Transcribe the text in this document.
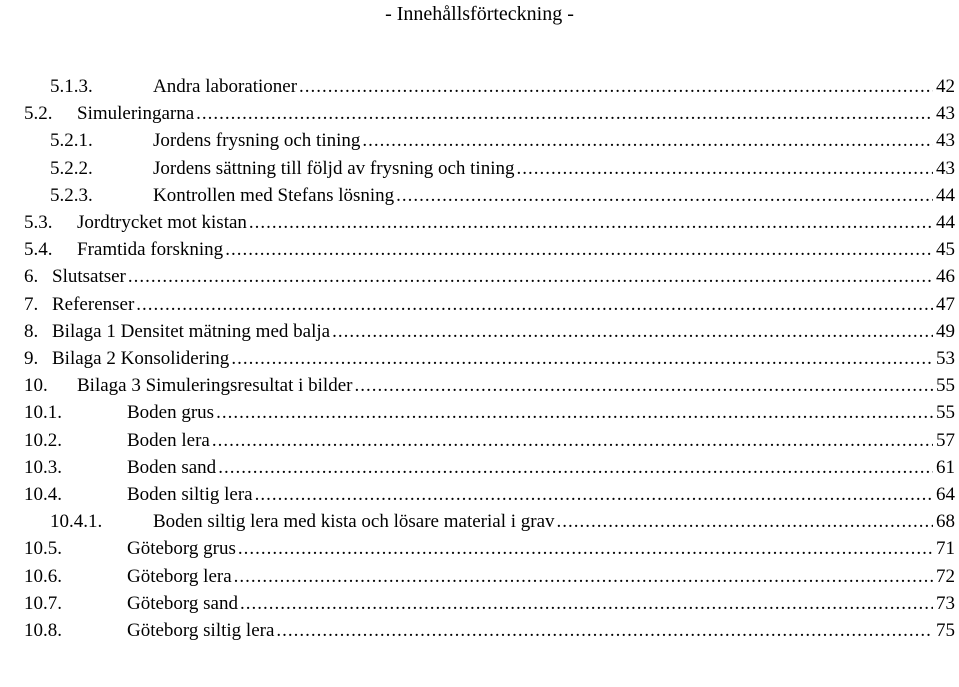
- Innehållsförteckning -
5.1.3.	Andra laborationer .....	42
5.2. Simuleringarna .....	43
5.2.1.	Jordens frysning och tining .....	43
5.2.2.	Jordens sättning till följd av frysning och tining .....	43
5.2.3.	Kontrollen med Stefans lösning .....	44
5.3. Jordtrycket mot kistan .....	44
5.4. Framtida forskning .....	45
6. Slutsatser .....	46
7. Referenser .....	47
8. Bilaga 1 Densitet mätning med balja .....	49
9. Bilaga 2 Konsolidering .....	53
10. Bilaga 3 Simuleringsresultat i bilder .....	55
10.1.	Boden grus .....	55
10.2.	Boden lera .....	57
10.3.	Boden sand .....	61
10.4.	Boden siltig lera .....	64
10.4.1.	Boden siltig lera med kista och lösare material i grav .....	68
10.5.	Göteborg grus .....	71
10.6.	Göteborg lera .....	72
10.7.	Göteborg sand .....	73
10.8.	Göteborg siltig lera .....	75
